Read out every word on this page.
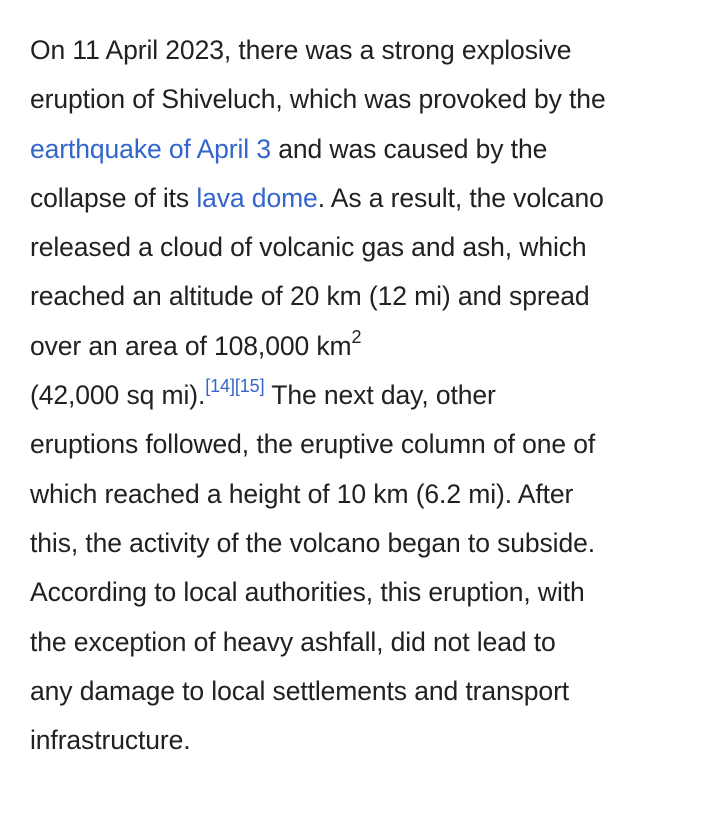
On 11 April 2023, there was a strong explosive
eruption of Shiveluch, which was provoked by the
earthquake of April 3 and was caused by the
collapse of its lava dome. As a result, the volcano
released a cloud of volcanic gas and ash, which
reached an altitude of 20 km (12 mi) and spread
over an area of 108,000 $km^2$
(42,000 sq mi).[14][15] The next day, other
eruptions followed, the eruptive column of one of
which reached a height of 10 km (6.2 mi). After
this, the activity of the volcano began to subside.
According to local authorities, this eruption, with
the exception of heavy ashfall, did not lead to
any damage to local settlements and transport
infrastructure.
